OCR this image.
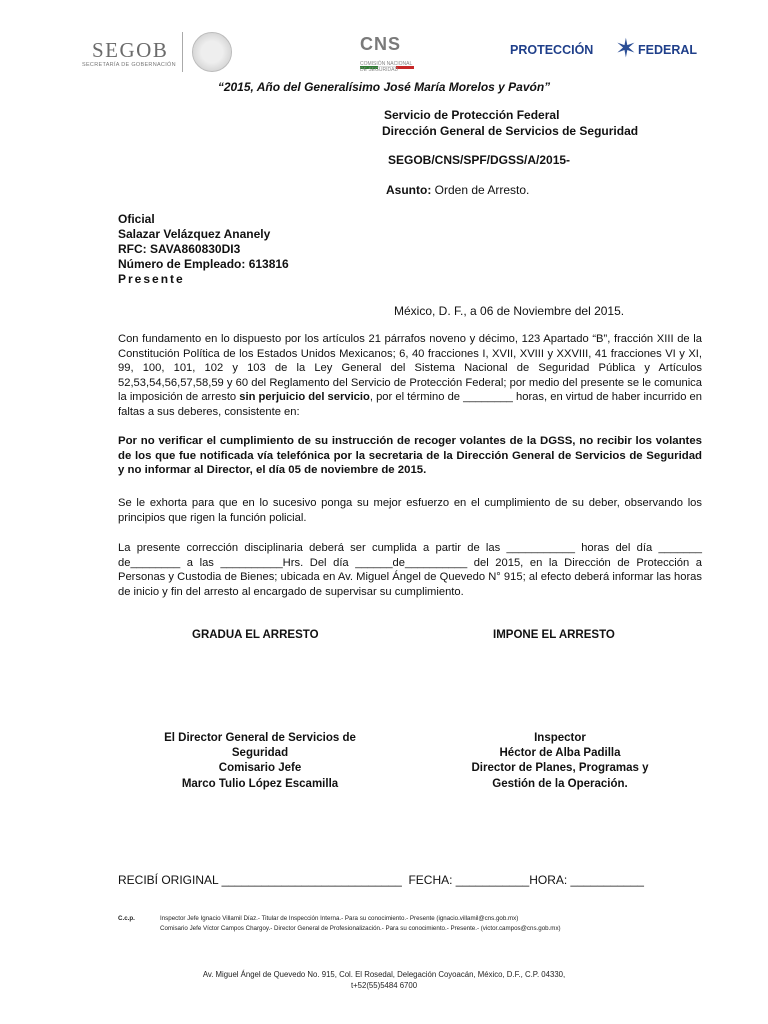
SEGOB
SECRETARÍA DE GOBERNACIÓN
CNS
COMISIÓN NACIONAL DE SEGURIDAD
PROTECCIÓN ✶ FEDERAL
“2015, Año del Generalísimo José María Morelos y Pavón”
Servicio de Protección Federal
Dirección General de Servicios de Seguridad
SEGOB/CNS/SPF/DGSS/A/2015-
Asunto: Orden de Arresto.
Oficial
Salazar Velázquez Ananely
RFC: SAVA860830DI3
Número de Empleado: 613816
Presente
México, D. F., a 06 de Noviembre del 2015.
Con fundamento en lo dispuesto por los artículos 21 párrafos noveno y décimo, 123 Apartado “B”, fracción XIII de la Constitución Política de los Estados Unidos Mexicanos; 6, 40 fracciones I, XVII, XVIII y XXVIII, 41 fracciones VI y XI, 99, 100, 101, 102 y 103 de la Ley General del Sistema Nacional de Seguridad Pública y Artículos 52,53,54,56,57,58,59 y 60 del Reglamento del Servicio de Protección Federal; por medio del presente se le comunica la imposición de arresto sin perjuicio del servicio, por el término de ________ horas, en virtud de haber incurrido en faltas a sus deberes, consistente en:
Por no verificar el cumplimiento de su instrucción de recoger volantes de la DGSS, no recibir los volantes de los que fue notificada vía telefónica por la secretaria de la Dirección General de Servicios de Seguridad y no informar al Director, el día 05 de noviembre de 2015.
Se le exhorta para que en lo sucesivo ponga su mejor esfuerzo en el cumplimiento de su deber, observando los principios que rigen la función policial.
La presente corrección disciplinaria deberá ser cumplida a partir de las ___________ horas del día _______ de________ a las __________Hrs. Del día ______de__________ del 2015, en la Dirección de Protección a Personas y Custodia de Bienes; ubicada en Av. Miguel Ángel de Quevedo N° 915; al efecto deberá informar las horas de inicio y fin del arresto al encargado de supervisar su cumplimiento.
GRADUA EL ARRESTO	IMPONE EL ARRESTO
El Director General de Servicios de
Seguridad
Comisario Jefe
Marco Tulio López Escamilla
Inspector
Héctor de Alba Padilla
Director de Planes, Programas y
Gestión de la Operación.
RECIBÍ ORIGINAL ___________________________  FECHA: ___________HORA: ___________
C.c.p.	Inspector Jefe Ignacio Villamil Díaz.- Titular de Inspección Interna.- Para su conocimiento.- Presente (ignacio.villamil@cns.gob.mx)
Comisario Jefe Víctor Campos Chargoy.- Director General de Profesionalización.- Para su conocimiento.- Presente.- (victor.campos@cns.gob.mx)
Av. Miguel Ángel de Quevedo No. 915, Col. El Rosedal, Delegación Coyoacán, México, D.F., C.P. 04330,
t+52(55)5484 6700
